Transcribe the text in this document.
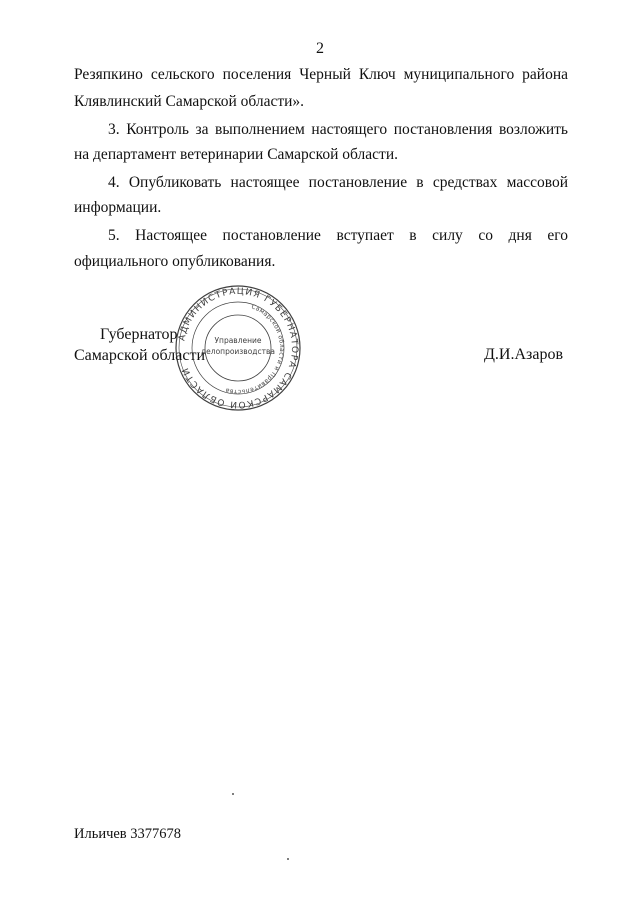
2

Резяпкино сельского поселения Черный Ключ муниципального района

Клявлинский Самарской области».

3. Контроль за выполнением настоящего постановления возложить на департамент ветеринарии Самарской области.

4. Опубликовать настоящее постановление в средствах массовой информации.

5. Настоящее постановление вступает в силу со дня его

официального опубликования.

Губернатор
Самарской области
АДМИНИСТРАЦИЯ ГУБЕРНАТОРА САМАРСКОЙ ОБЛАСТИ
Самарской области и Правительства
Управление
делопроизводства	Д.И.Азаров
Ильичев 3377678
